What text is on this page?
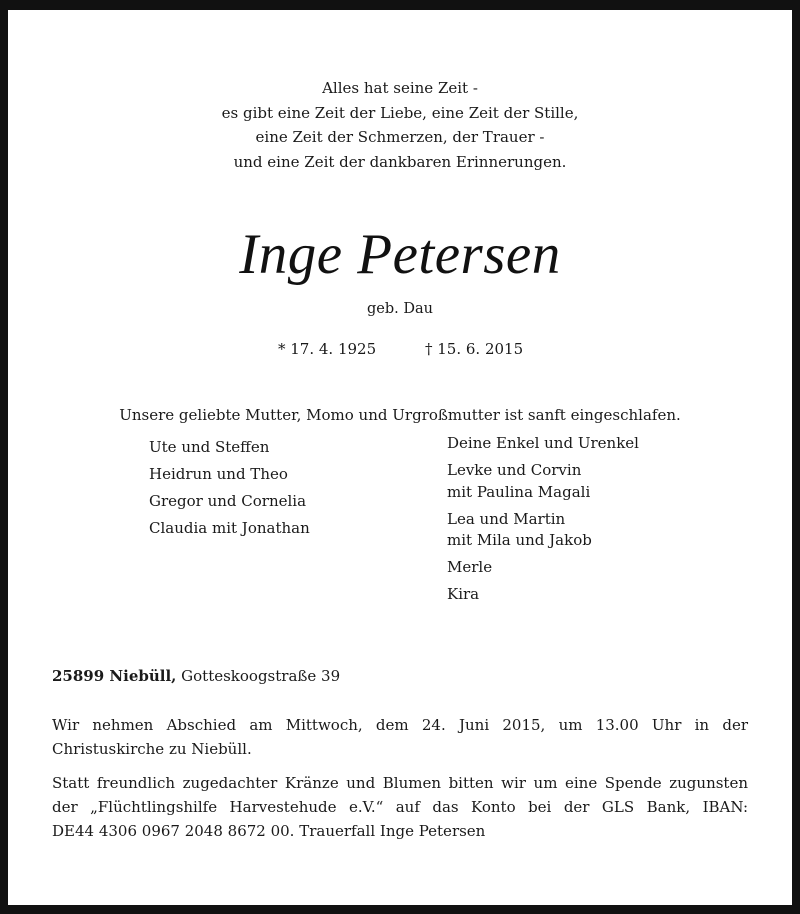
Alles hat seine Zeit -
es gibt eine Zeit der Liebe, eine Zeit der Stille,
eine Zeit der Schmerzen, der Trauer -
und eine Zeit der dankbaren Erinnerungen.
Inge Petersen
geb. Dau
* 17. 4. 1925	† 15. 6. 2015
Unsere geliebte Mutter, Momo und Urgroßmutter ist sanft eingeschlafen.
Ute und Steffen
Heidrun und Theo
Gregor und Cornelia
Claudia mit Jonathan
Deine Enkel und Urenkel
Levke und Corvin
mit Paulina Magali
Lea und Martin
mit Mila und Jakob
Merle
Kira
25899 Niebüll, Gotteskoogstraße 39
Wir nehmen Abschied am Mittwoch, dem 24. Juni 2015, um 13.00 Uhr in der
Christuskirche zu Niebüll.
Statt freundlich zugedachter Kränze und Blumen bitten wir um eine Spende zugunsten
der „Flüchtlingshilfe Harvestehude e.V.“ auf das Konto bei der GLS Bank, IBAN:
DE44 4306 0967 2048 8672 00. Trauerfall Inge Petersen
